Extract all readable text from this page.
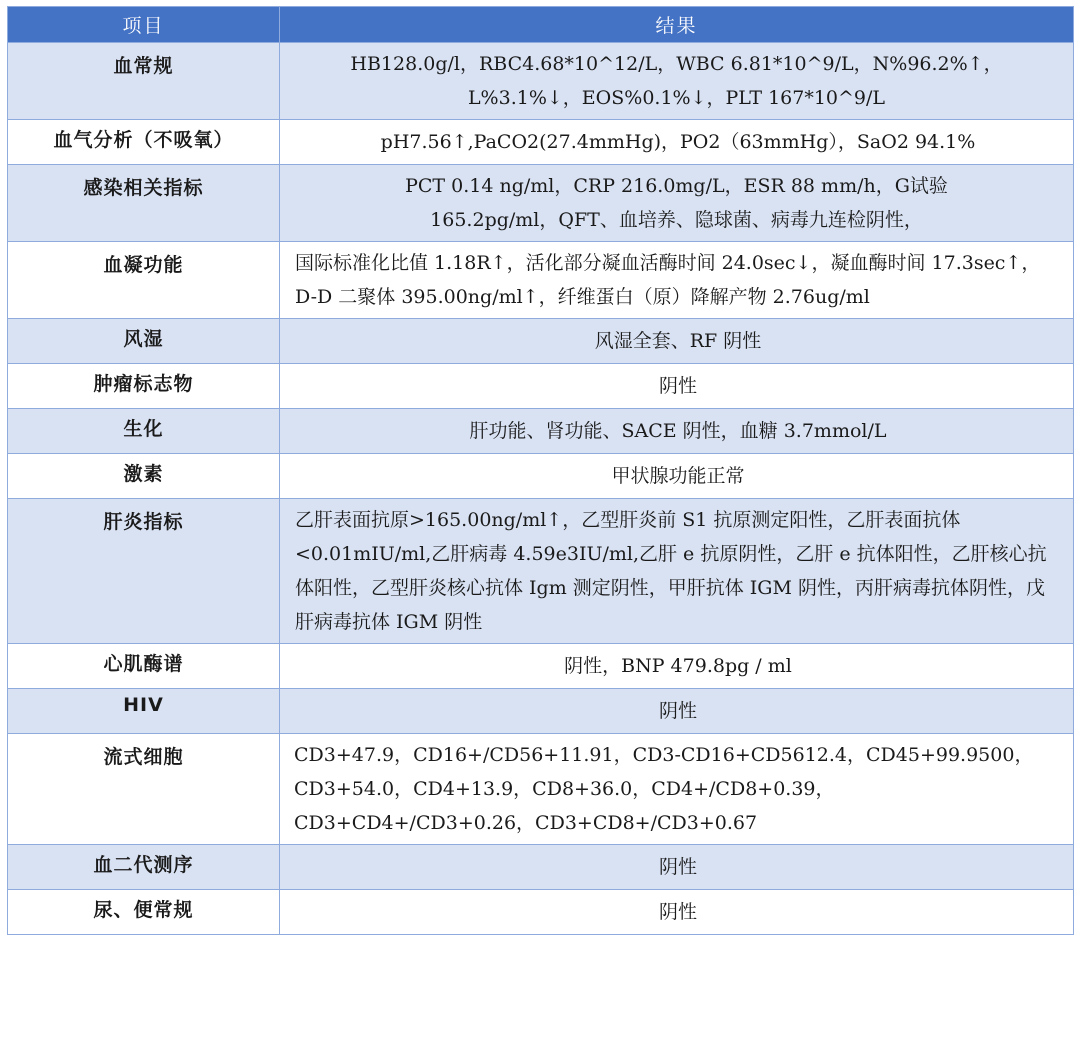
项目	结果
血常规	HB128.0g/l，RBC4.68*10^12/L，WBC 6.81*10^9/L，N%96.2%↑，L%3.1%↓，EOS%0.1%↓，PLT 167*10^9/L
血气分析（不吸氧）	pH7.56↑,PaCO2(27.4mmHg)，PO2（63mmHg），SaO2 94.1%
感染相关指标	PCT 0.14 ng/ml，CRP 216.0mg/L，ESR 88 mm/h，G试验 165.2pg/ml，QFT、血培养、隐球菌、病毒九连检阴性，
血凝功能	国际标准化比值 1.18R↑，活化部分凝血活酶时间 24.0sec↓，凝血酶时间 17.3sec↑，D-D 二聚体 395.00ng/ml↑，纤维蛋白（原）降解产物 2.76ug/ml
风湿	风湿全套、RF 阴性
肿瘤标志物	阴性
生化	肝功能、肾功能、SACE 阴性，血糖 3.7mmol/L
激素	甲状腺功能正常
肝炎指标	乙肝表面抗原>165.00ng/ml↑，乙型肝炎前 S1 抗原测定阳性，乙肝表面抗体<0.01mIU/ml,乙肝病毒 4.59e3IU/ml,乙肝 e 抗原阴性，乙肝 e 抗体阳性，乙肝核心抗体阳性，乙型肝炎核心抗体 Igm 测定阴性，甲肝抗体 IGM 阴性，丙肝病毒抗体阴性，戊肝病毒抗体 IGM 阴性
心肌酶谱	阴性，BNP 479.8pg / ml
HIV	阴性
流式细胞	CD3+47.9，CD16+/CD56+11.91，CD3-CD16+CD5612.4，CD45+99.9500，CD3+54.0，CD4+13.9，CD8+36.0，CD4+/CD8+0.39，CD3+CD4+/CD3+0.26，CD3+CD8+/CD3+0.67
血二代测序	阴性
尿、便常规	阴性
